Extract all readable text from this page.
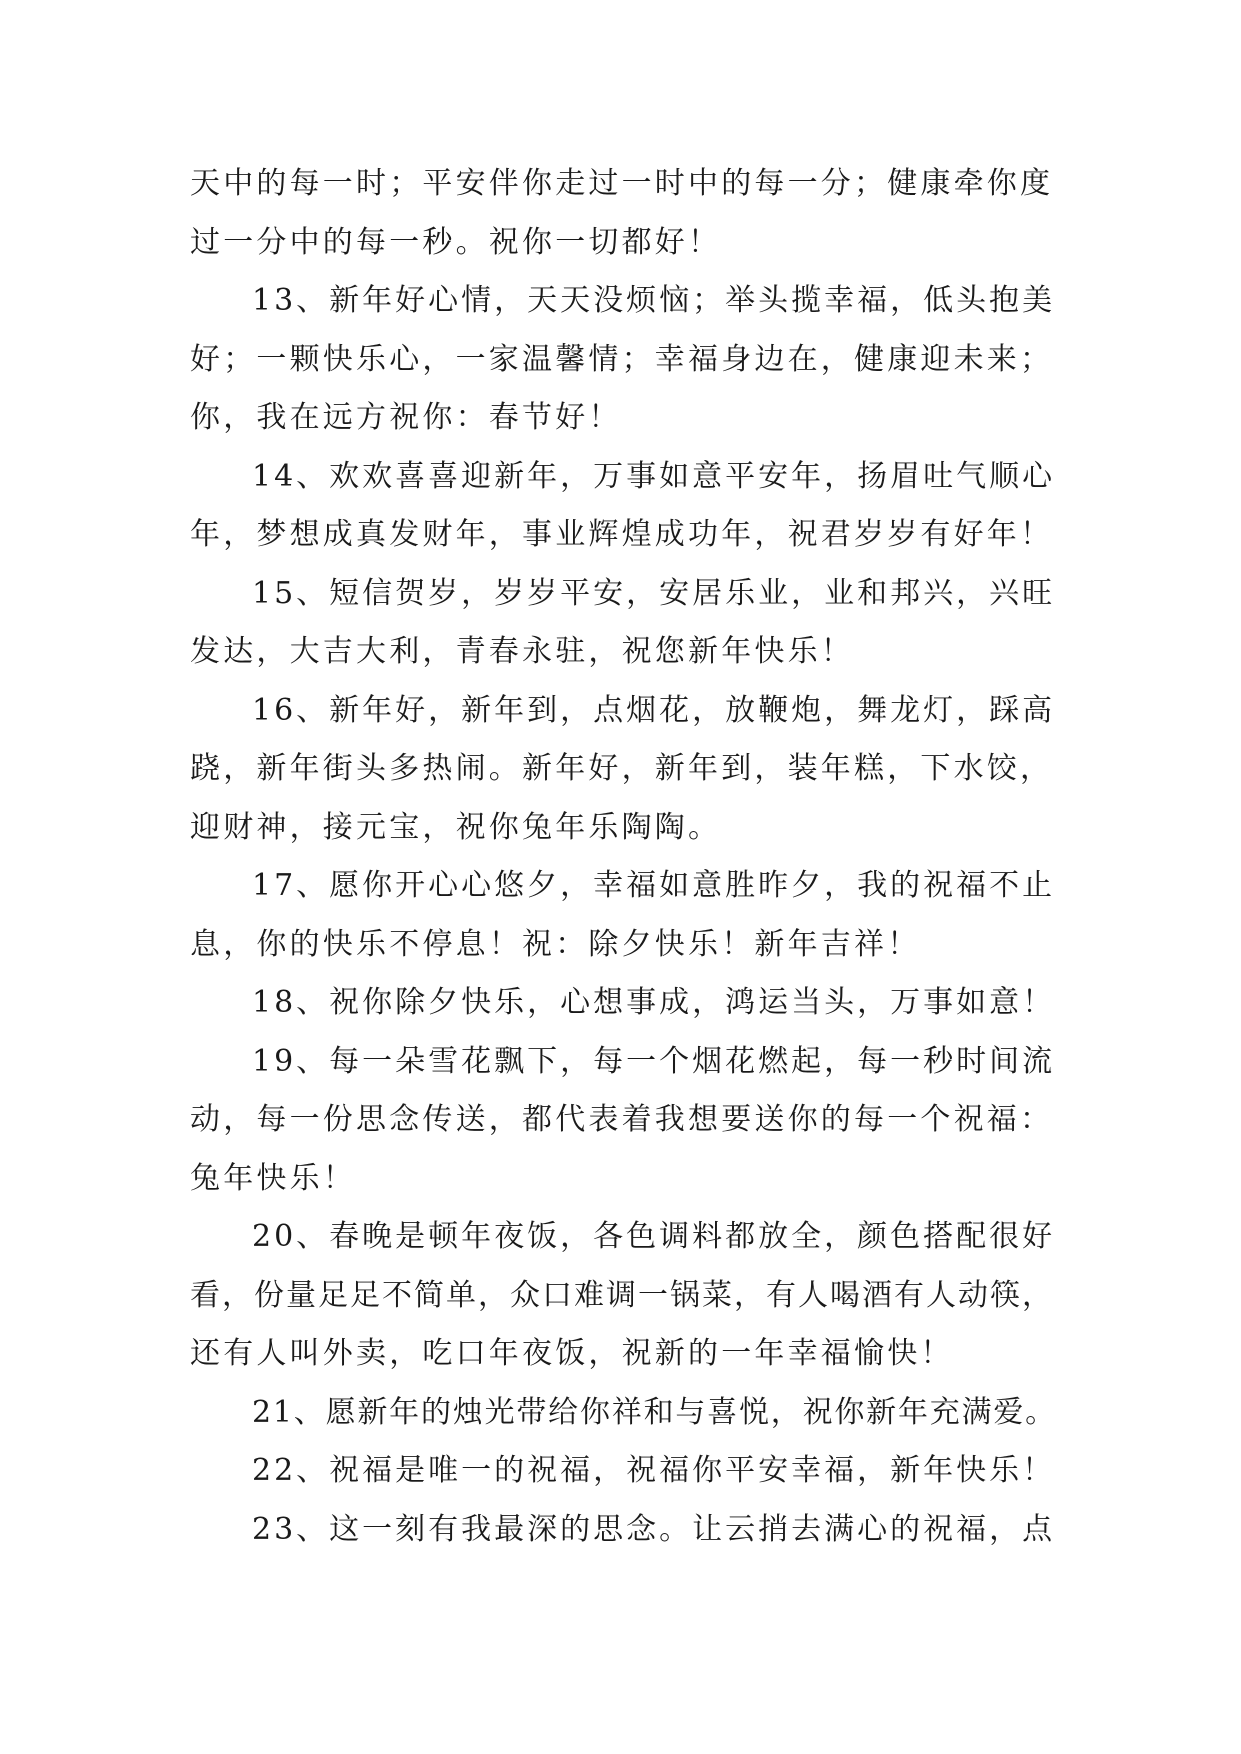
天中的每一时；平安伴你走过一时中的每一分；健康牵你度
过一分中的每一秒。祝你一切都好！
13、新年好心情，天天没烦恼；举头揽幸福，低头抱美
好；一颗快乐心，一家温馨情；幸福身边在，健康迎未来；
你，我在远方祝你：春节好！
14、欢欢喜喜迎新年，万事如意平安年，扬眉吐气顺心
年，梦想成真发财年，事业辉煌成功年，祝君岁岁有好年！
15、短信贺岁，岁岁平安，安居乐业，业和邦兴，兴旺
发达，大吉大利，青春永驻，祝您新年快乐！
16、新年好，新年到，点烟花，放鞭炮，舞龙灯，踩高
跷，新年街头多热闹。新年好，新年到，装年糕，下水饺，
迎财神，接元宝，祝你兔年乐陶陶。
17、愿你开心心悠夕，幸福如意胜昨夕，我的祝福不止
息，你的快乐不停息！祝：除夕快乐！新年吉祥！
18、祝你除夕快乐，心想事成，鸿运当头，万事如意！
19、每一朵雪花飘下，每一个烟花燃起，每一秒时间流
动，每一份思念传送，都代表着我想要送你的每一个祝福：
兔年快乐！
20、春晚是顿年夜饭，各色调料都放全，颜色搭配很好
看，份量足足不简单，众口难调一锅菜，有人喝酒有人动筷，
还有人叫外卖，吃口年夜饭，祝新的一年幸福愉快！
21、愿新年的烛光带给你祥和与喜悦，祝你新年充满爱。
22、祝福是唯一的祝福，祝福你平安幸福，新年快乐！
23、这一刻有我最深的思念。让云捎去满心的祝福，点
